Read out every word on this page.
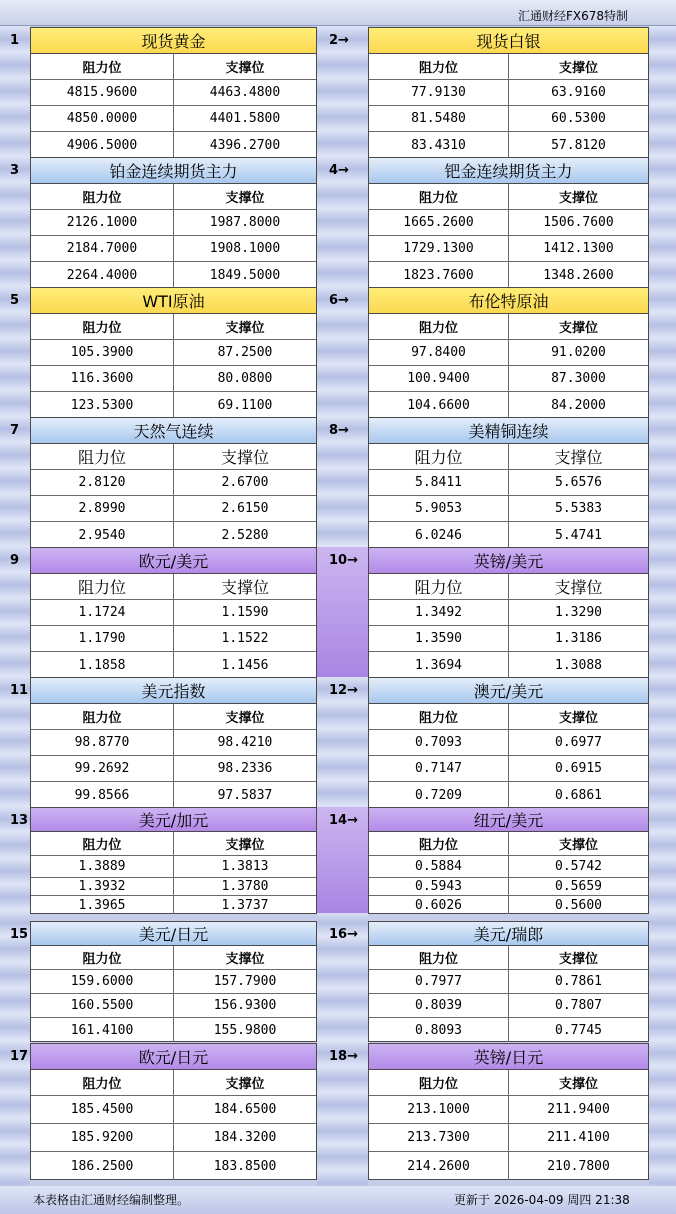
汇通财经FX678特制
1	现货黄金
阻力位	支撑位
4815.9600	4463.4800
4850.0000	4401.5800
4906.5000	4396.2700
2→	现货白银
阻力位	支撑位
77.9130	63.9160
81.5480	60.5300
83.4310	57.8120
3	铂金连续期货主力
阻力位	支撑位
2126.1000	1987.8000
2184.7000	1908.1000
2264.4000	1849.5000
4→	钯金连续期货主力
阻力位	支撑位
1665.2600	1506.7600
1729.1300	1412.1300
1823.7600	1348.2600
5	WTI原油
阻力位	支撑位
105.3900	87.2500
116.3600	80.0800
123.5300	69.1100
6→	布伦特原油
阻力位	支撑位
97.8400	91.0200
100.9400	87.3000
104.6600	84.2000
7	天然气连续
阻力位	支撑位
2.8120	2.6700
2.8990	2.6150
2.9540	2.5280
8→	美精铜连续
阻力位	支撑位
5.8411	5.6576
5.9053	5.5383
6.0246	5.4741
9	欧元/美元
阻力位	支撑位
1.1724	1.1590
1.1790	1.1522
1.1858	1.1456
10→	英镑/美元
阻力位	支撑位
1.3492	1.3290
1.3590	1.3186
1.3694	1.3088
11	美元指数
阻力位	支撑位
98.8770	98.4210
99.2692	98.2336
99.8566	97.5837
12→	澳元/美元
阻力位	支撑位
0.7093	0.6977
0.7147	0.6915
0.7209	0.6861
13	美元/加元
阻力位	支撑位
1.3889	1.3813
1.3932	1.3780
1.3965	1.3737
14→	纽元/美元
阻力位	支撑位
0.5884	0.5742
0.5943	0.5659
0.6026	0.5600
15	美元/日元
阻力位	支撑位
159.6000	157.7900
160.5500	156.9300
161.4100	155.9800
16→	美元/瑞郎
阻力位	支撑位
0.7977	0.7861
0.8039	0.7807
0.8093	0.7745
17	欧元/日元
阻力位	支撑位
185.4500	184.6500
185.9200	184.3200
186.2500	183.8500
18→	英镑/日元
阻力位	支撑位
213.1000	211.9400
213.7300	211.4100
214.2600	210.7800
本表格由汇通财经编制整理。	更新于 2026-04-09 周四 21:38
